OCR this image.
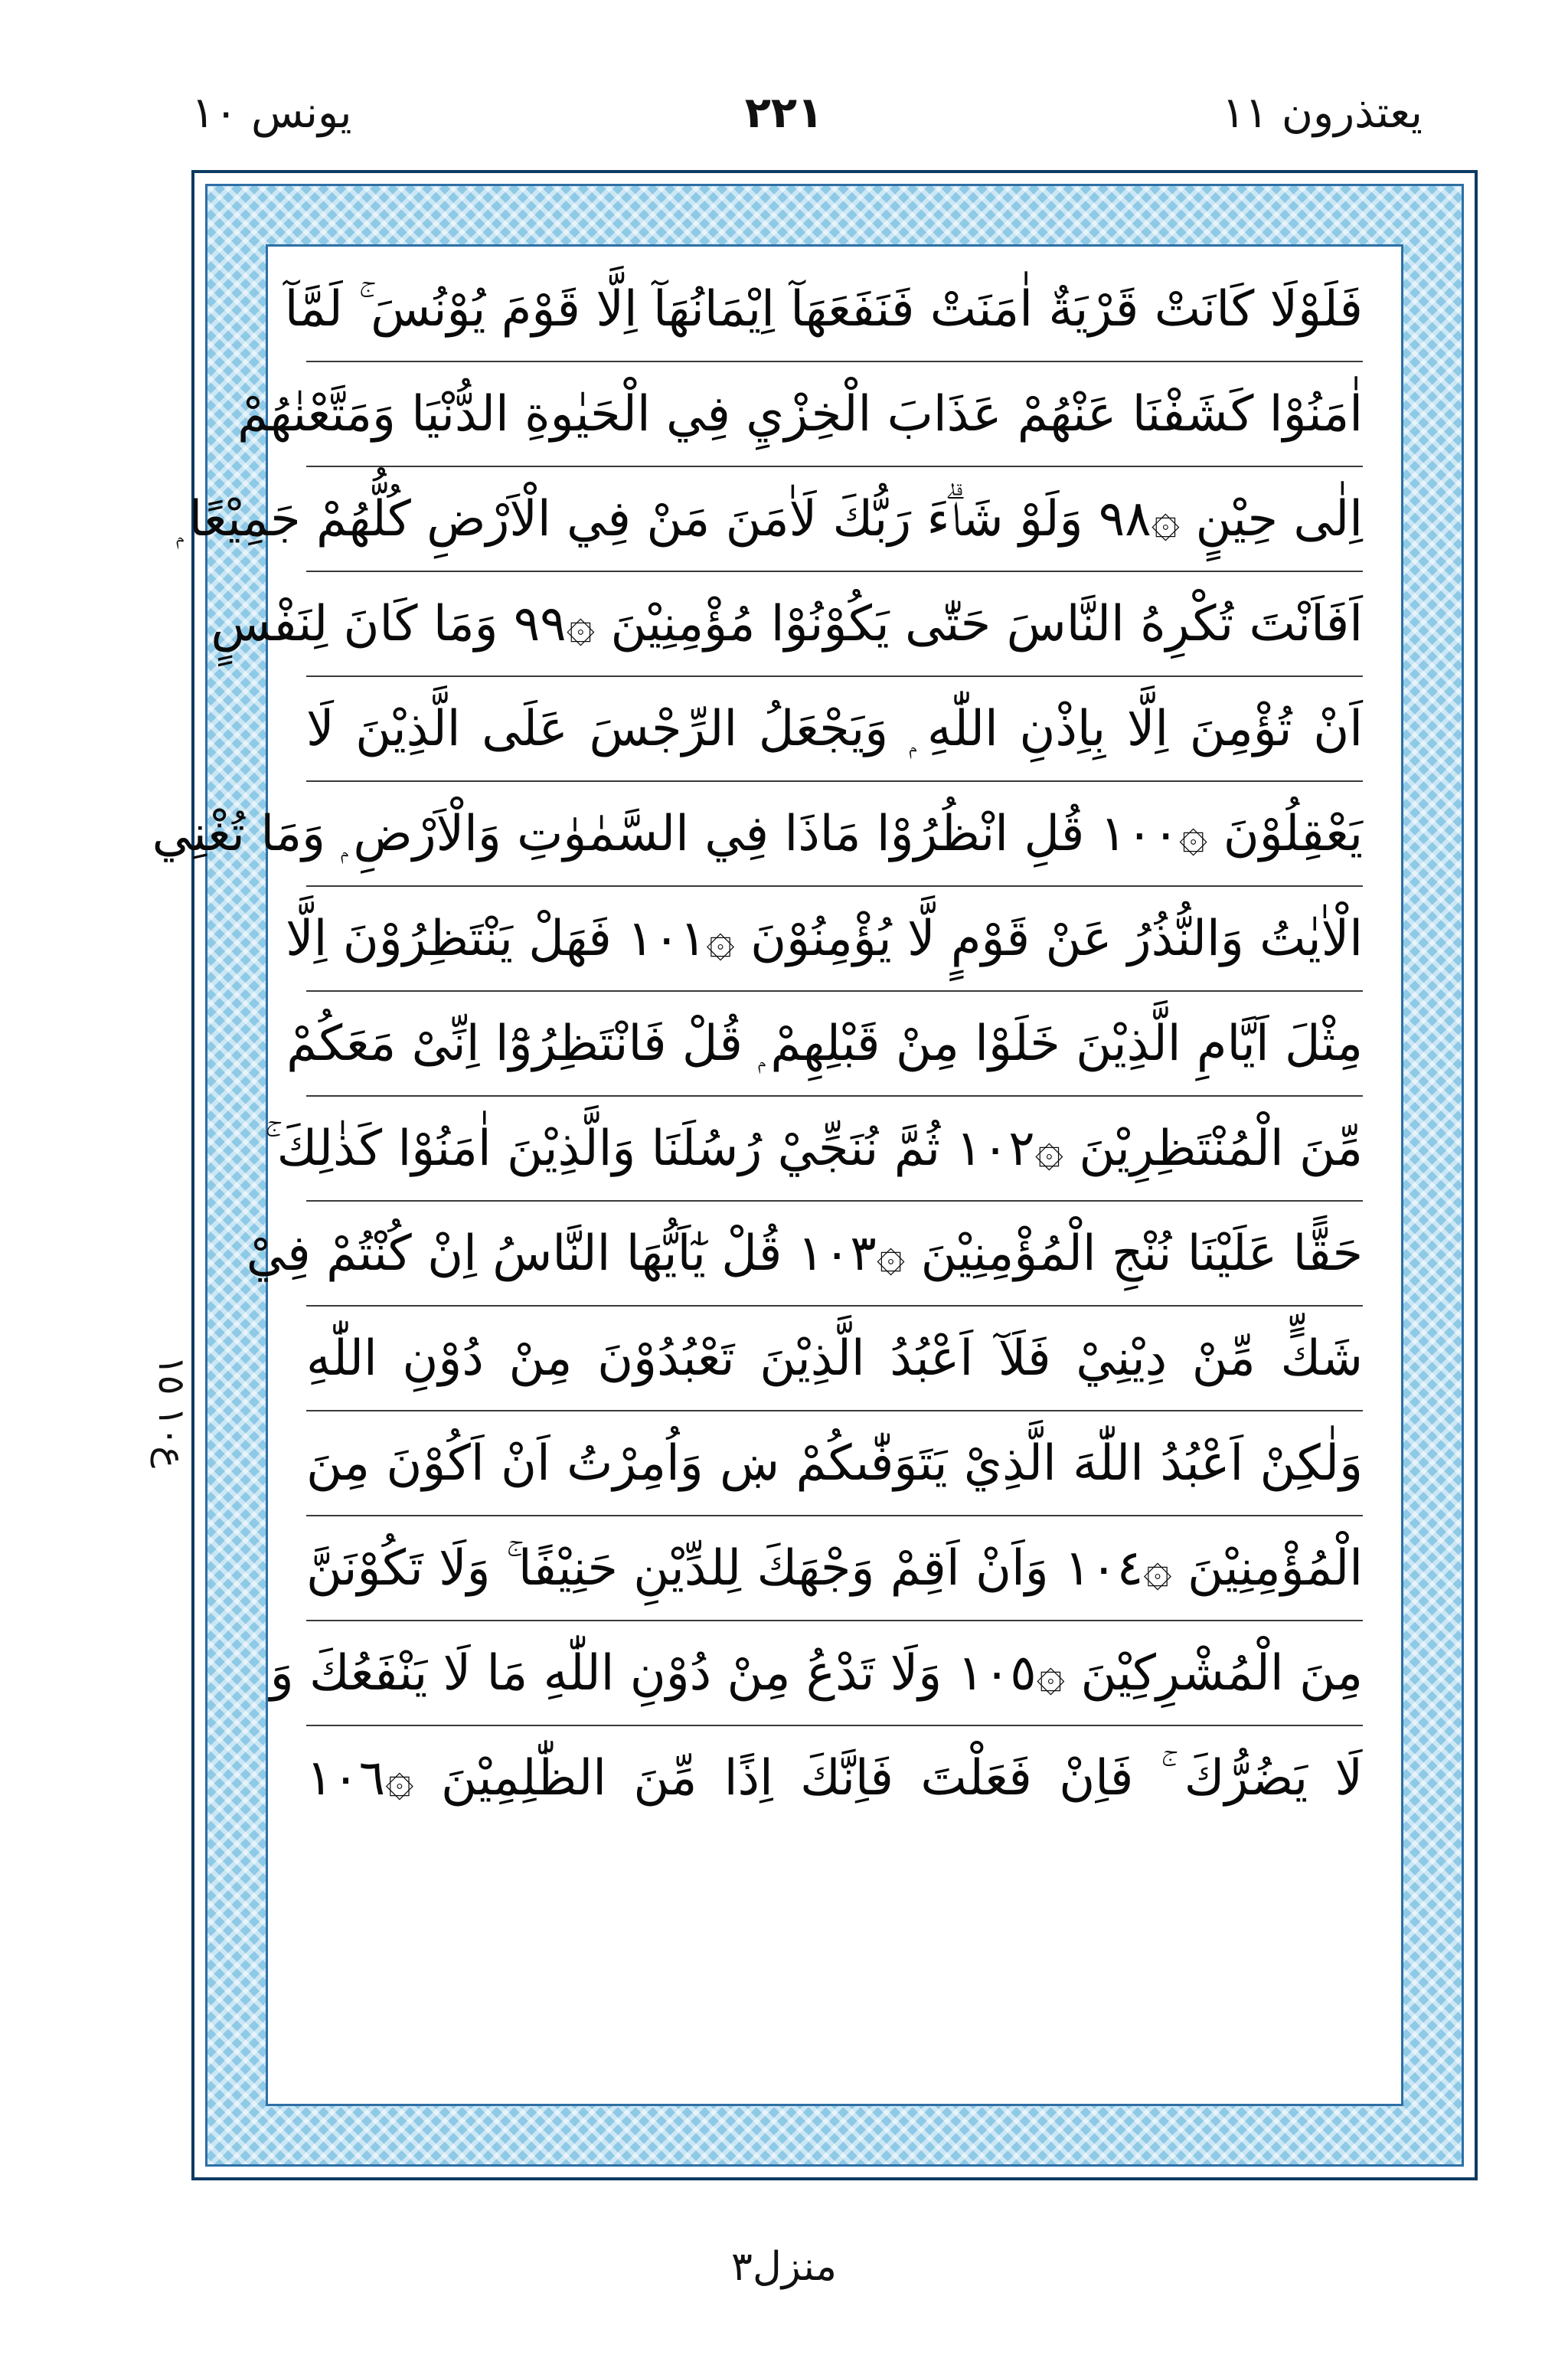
يعتذرون ١١
٢٢١
يونس ١٠
فَلَوْلَا كَانَتْ قَرْيَةٌ اٰمَنَتْ فَنَفَعَهَآ اِيْمَانُهَآ اِلَّا قَوْمَ يُوْنُسَ ۚ لَمَّآ
اٰمَنُوْا كَشَفْنَا عَنْهُمْ عَذَابَ الْخِزْيِ فِي الْحَيٰوةِ الدُّنْيَا وَمَتَّعْنٰهُمْ
اِلٰى حِيْنٍ ۞٩٨ وَلَوْ شَاۗءَ رَبُّكَ لَاٰمَنَ مَنْ فِي الْاَرْضِ كُلُّهُمْ جَمِيْعًا ۭ
اَفَاَنْتَ تُكْرِهُ النَّاسَ حَتّٰى يَكُوْنُوْا مُؤْمِنِيْنَ ۞٩٩ وَمَا كَانَ لِنَفْسٍ
اَنْ تُؤْمِنَ اِلَّا بِاِذْنِ اللّٰهِ ۭ وَيَجْعَلُ الرِّجْسَ عَلَى الَّذِيْنَ لَا
يَعْقِلُوْنَ ۞١٠٠ قُلِ انْظُرُوْا مَاذَا فِي السَّمٰوٰتِ وَالْاَرْضِ ۭ وَمَا تُغْنِي
الْاٰيٰتُ وَالنُّذُرُ عَنْ قَوْمٍ لَّا يُؤْمِنُوْنَ ۞١٠١ فَهَلْ يَنْتَظِرُوْنَ اِلَّا
مِثْلَ اَيَّامِ الَّذِيْنَ خَلَوْا مِنْ قَبْلِهِمْ ۭ قُلْ فَانْتَظِرُوْٓا اِنِّىْ مَعَكُمْ
مِّنَ الْمُنْتَظِرِيْنَ ۞١٠٢ ثُمَّ نُنَجِّيْ رُسُلَنَا وَالَّذِيْنَ اٰمَنُوْا كَذٰلِكَ ۚ
حَقًّا عَلَيْنَا نُنْجِ الْمُؤْمِنِيْنَ ۞١٠٣ قُلْ يٰٓاَيُّهَا النَّاسُ اِنْ كُنْتُمْ فِيْ
شَكٍّ مِّنْ دِيْنِيْ فَلَآ اَعْبُدُ الَّذِيْنَ تَعْبُدُوْنَ مِنْ دُوْنِ اللّٰهِ
وَلٰكِنْ اَعْبُدُ اللّٰهَ الَّذِيْ يَتَوَفّٰىكُمْ ښ وَاُمِرْتُ اَنْ اَكُوْنَ مِنَ
الْمُؤْمِنِيْنَ ۞١٠٤ وَاَنْ اَقِمْ وَجْهَكَ لِلدِّيْنِ حَنِيْفًا ۚ وَلَا تَكُوْنَنَّ
مِنَ الْمُشْرِكِيْنَ ۞١٠٥ وَلَا تَدْعُ مِنْ دُوْنِ اللّٰهِ مَا لَا يَنْفَعُكَ وَ
لَا يَضُرُّكَ ۚ فَاِنْ فَعَلْتَ فَاِنَّكَ اِذًا مِّنَ الظّٰلِمِيْنَ ۞١٠٦
ع١٠ ١٥
منزل٣
